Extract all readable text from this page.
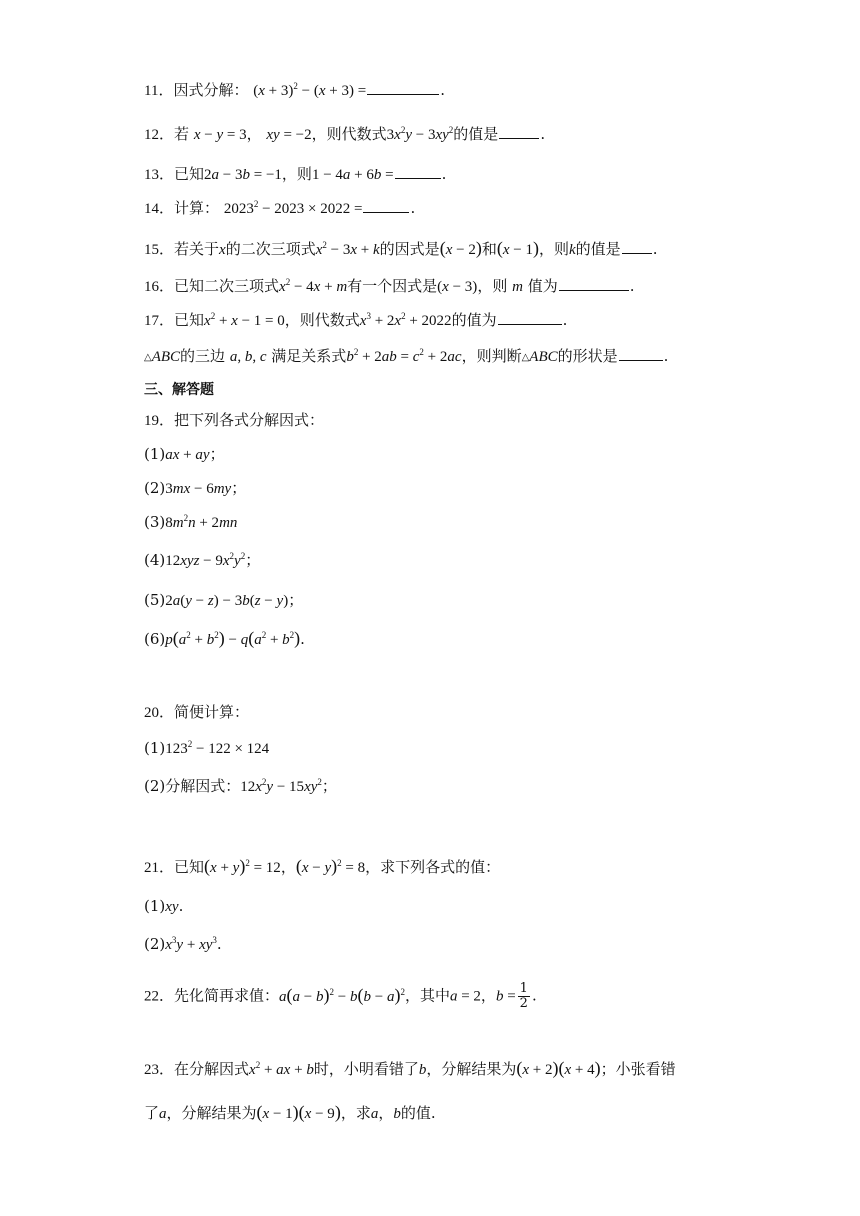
11．因式分解： $(x + 3)^2 - (x + 3)$ =	.
12．若 x − y = 3， xy = −2，则代数式$3x^2y - 3xy^2$的值是	.
13．已知2a − 3b = −1，则1 − 4a + 6b =	.
14．计算： $2023^2 - 2023 \times 2022$ =	.
15．若关于x的二次三项式$x^2 - 3x + k$的因式是(x − 2)和(x − 1)，则k的值是 .
16．已知二次三项式$x^2 - 4x + m$有一个因式是(x − 3)，则 m 值为	.
17．已知$x^2 + x - 1 = 0$，则代数式$x^3 + 2x^2 + 2022$的值为	.
△ABC的三边 a, b, c 满足关系式$b^2 + 2ab = c^2 + 2ac$，则判断△ABC的形状是	.
三、解答题
19．把下列各式分解因式：
(1)ax + ay；
(2)3mx − 6my；
$(3)8m^2n + 2mn$
$(4)12xyz - 9x^2y^2$；
(5)2a(y − z) − 3b(z − y)；
$(6)p(a^2 + b^2) - q(a^2 + b^2)$.
20．简便计算：
$(1)123^2 - 122 \times 124$
(2)分解因式：$12x^2y - 15xy^2$；
21．已知$(x + y)^2 = 12$，$(x - y)^2 = 8$，求下列各式的值：
(1)xy.
$(2)x^3y + xy^3$.
22．先化简再求值：$a(a - b)^2 - b(b - a)^2$，其中a = 2，$b = \frac{1}{2}$ .
23．在分解因式$x^2$ + ax + b时，小明看错了b，分解结果为(x + 2)(x + 4)；小张看错
了a，分解结果为(x − 1)(x − 9)，求a，b的值.
